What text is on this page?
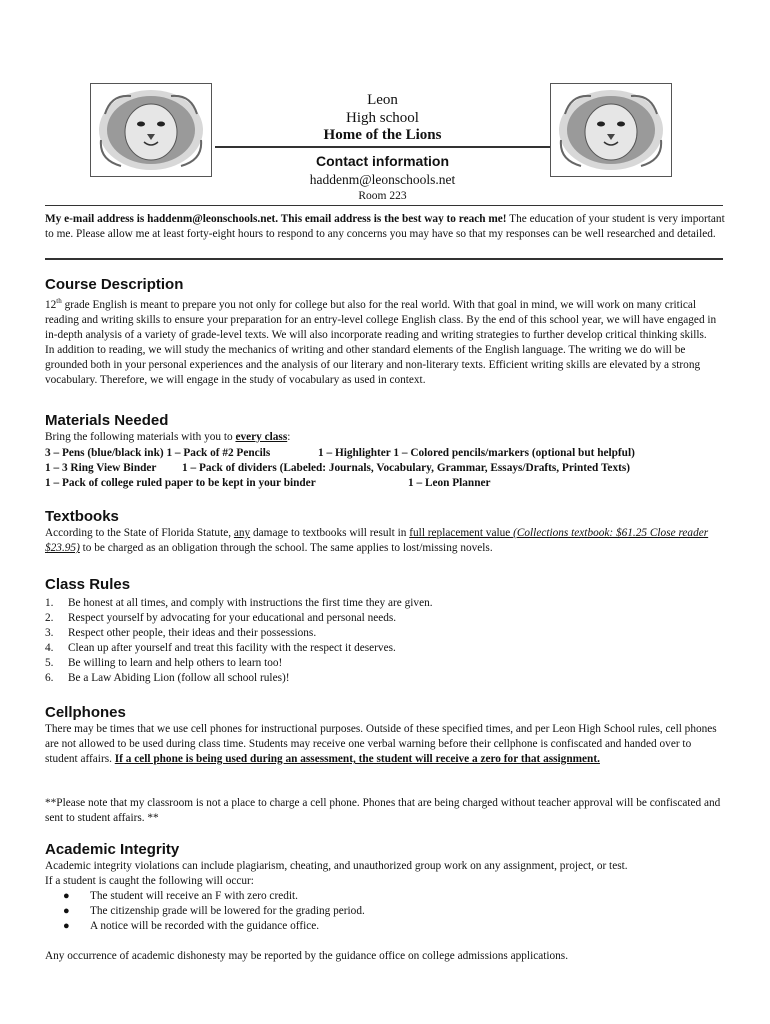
Leon
High school
Home of the Lions
Contact information
haddenm@leonschools.net
Room 223
My e-mail address is haddenm@leonschools.net. This email address is the best way to reach me! The education of your student is very important to me. Please allow me at least forty-eight hours to respond to any concerns you may have so that my responses can be well researched and detailed.
Course Description
12th grade English is meant to prepare you not only for college but also for the real world. With that goal in mind, we will work on many critical reading and writing skills to ensure your preparation for an entry-level college English class. By the end of this school year, we will have engaged in in-depth analysis of a variety of grade-level texts. We will also incorporate reading and writing strategies to further develop critical thinking skills. In addition to reading, we will study the mechanics of writing and other standard elements of the English language. The writing we do will be grounded both in your personal experiences and the analysis of our literary and non-literary texts. Efficient writing skills are elevated by a strong vocabulary. Therefore, we will engage in the study of vocabulary as used in context.
Materials Needed
Bring the following materials with you to every class:
3 – Pens (blue/black ink) 1 – Pack of #2 Pencils	1 – Highlighter 1 – Colored pencils/markers (optional but helpful)
1 – 3 Ring View Binder 1 – Pack of dividers (Labeled: Journals, Vocabulary, Grammar, Essays/Drafts, Printed Texts)
1 – Pack of college ruled paper to be kept in your binder	1 – Leon Planner
Textbooks
According to the State of Florida Statute, any damage to textbooks will result in full replacement value (Collections textbook: $61.25 Close reader $23.95) to be charged as an obligation through the school. The same applies to lost/missing novels.
Class Rules
1. Be honest at all times, and comply with instructions the first time they are given.
2. Respect yourself by advocating for your educational and personal needs.
3. Respect other people, their ideas and their possessions.
4. Clean up after yourself and treat this facility with the respect it deserves.
5. Be willing to learn and help others to learn too!
6. Be a Law Abiding Lion (follow all school rules)!
Cellphones
There may be times that we use cell phones for instructional purposes. Outside of these specified times, and per Leon High School rules, cell phones are not allowed to be used during class time. Students may receive one verbal warning before their cellphone is confiscated and handed over to student affairs. If a cell phone is being used during an assessment, the student will receive a zero for that assignment.
**Please note that my classroom is not a place to charge a cell phone. Phones that are being charged without teacher approval will be confiscated and sent to student affairs. **
Academic Integrity
Academic integrity violations can include plagiarism, cheating, and unauthorized group work on any assignment, project, or test.
If a student is caught the following will occur:
● The student will receive an F with zero credit.
● The citizenship grade will be lowered for the grading period.
● A notice will be recorded with the guidance office.
Any occurrence of academic dishonesty may be reported by the guidance office on college admissions applications.
